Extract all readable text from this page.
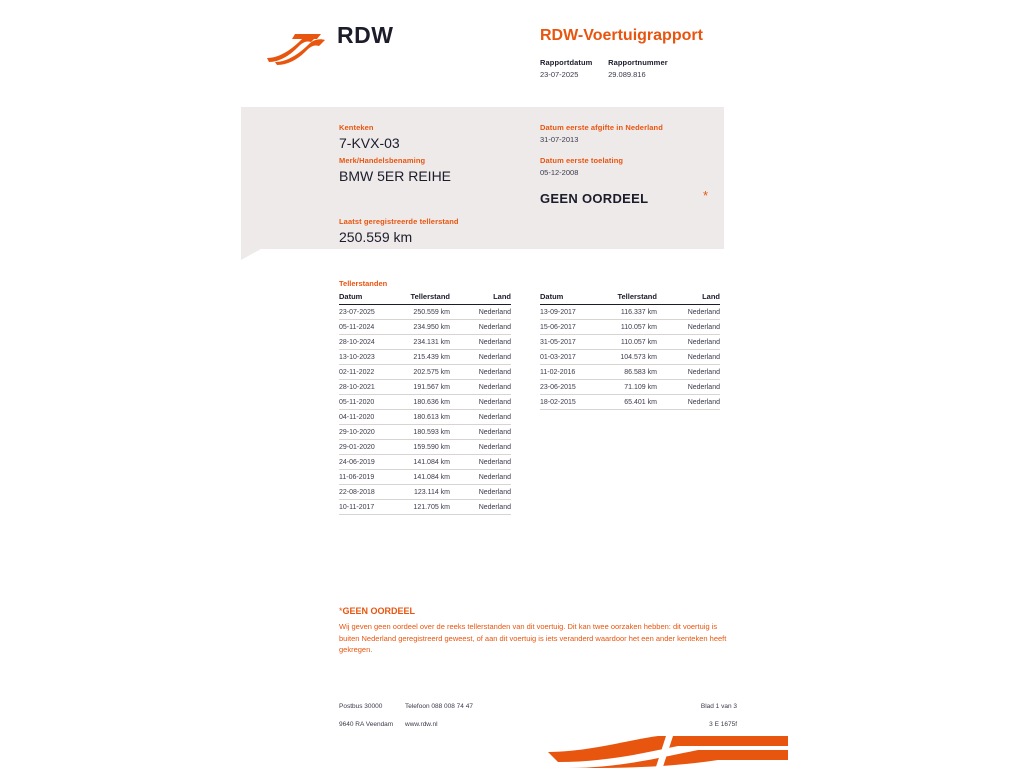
RDW	RDW-Voertuigrapport
Rapportdatum
23-07-2025

Rapportnummer
29.089.816
Kenteken
7-KVX-03
Merk/Handelsbenaming
BMW 5ER REIHE
Laatst geregistreerde tellerstand
250.559 km
Datum eerste afgifte in Nederland
31-07-2013
Datum eerste toelating
05-12-2008
GEEN OORDEEL	*
Tellerstanden
Datum	Tellerstand	Land
23-07-2025	250.559 km	Nederland
05-11-2024	234.950 km	Nederland
28-10-2024	234.131 km	Nederland
13-10-2023	215.439 km	Nederland
02-11-2022	202.575 km	Nederland
28-10-2021	191.567 km	Nederland
05-11-2020	180.636 km	Nederland
04-11-2020	180.613 km	Nederland
29-10-2020	180.593 km	Nederland
29-01-2020	159.590 km	Nederland
24-06-2019	141.084 km	Nederland
11-06-2019	141.084 km	Nederland
22-08-2018	123.114 km	Nederland
10-11-2017	121.705 km	Nederland
Datum	Tellerstand	Land
13-09-2017	116.337 km	Nederland
15-06-2017	110.057 km	Nederland
31-05-2017	110.057 km	Nederland
01-03-2017	104.573 km	Nederland
11-02-2016	86.583 km	Nederland
23-06-2015	71.109 km	Nederland
18-02-2015	65.401 km	Nederland
*GEEN OORDEEL
Wij geven geen oordeel over de reeks tellerstanden van dit voertuig. Dit kan twee oorzaken hebben: dit voertuig is buiten Nederland geregistreerd geweest, of aan dit voertuig is iets veranderd waardoor het een ander kenteken heeft gekregen.
Postbus 30000
9640 RA Veendam
Telefoon 088 008 74 47
www.rdw.nl
Blad 1 van 3
3 E 1675f
